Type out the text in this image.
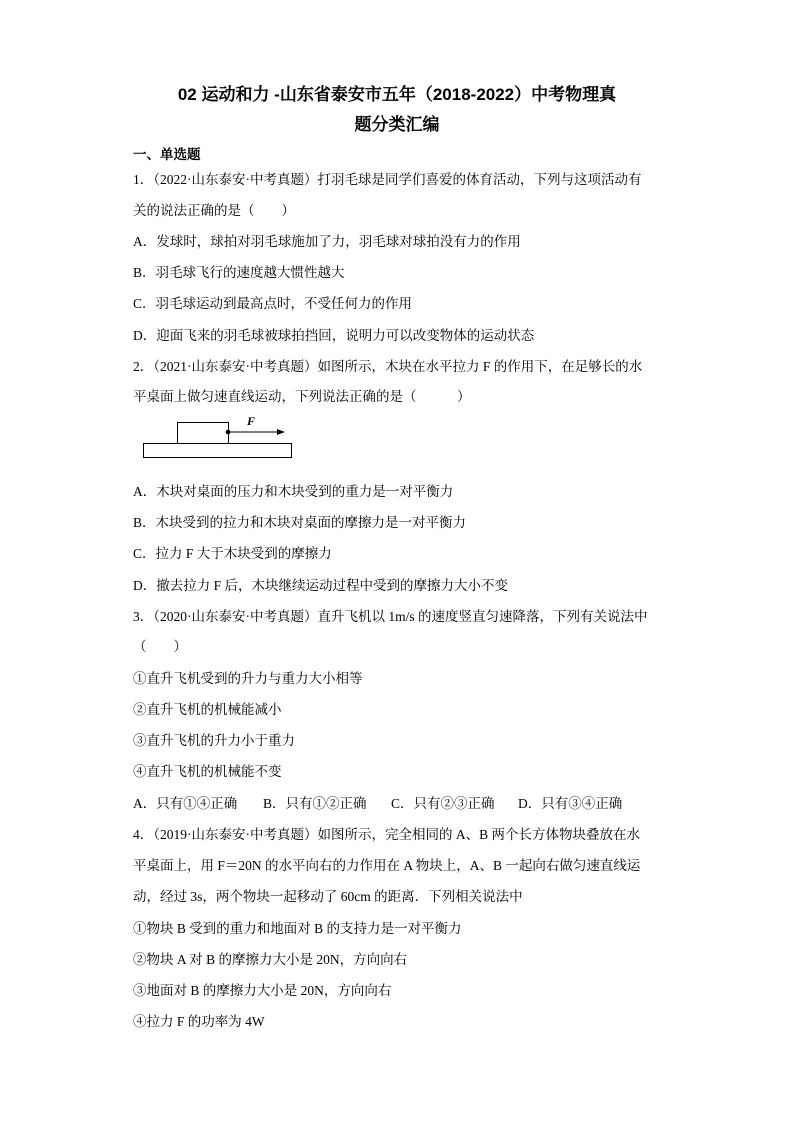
02 运动和力 -山东省泰安市五年（2018-2022）中考物理真
题分类汇编
一、单选题
1．（2022·山东泰安·中考真题）打羽毛球是同学们喜爱的体育活动，下列与这项活动有
关的说法正确的是（　　）
A．发球时，球拍对羽毛球施加了力，羽毛球对球拍没有力的作用
B．羽毛球飞行的速度越大惯性越大
C．羽毛球运动到最高点时，不受任何力的作用
D．迎面飞来的羽毛球被球拍挡回，说明力可以改变物体的运动状态
2．（2021·山东泰安·中考真题）如图所示，木块在水平拉力 F 的作用下，在足够长的水
平桌面上做匀速直线运动，下列说法正确的是（　　　）
F
A．木块对桌面的压力和木块受到的重力是一对平衡力
B．木块受到的拉力和木块对桌面的摩擦力是一对平衡力
C．拉力 F 大于木块受到的摩擦力
D．撤去拉力 F 后，木块继续运动过程中受到的摩擦力大小不变
3．（2020·山东泰安·中考真题）直升飞机以 1m/s 的速度竖直匀速降落，下列有关说法中
（　　）
①直升飞机受到的升力与重力大小相等
②直升飞机的机械能减小
③直升飞机的升力小于重力
④直升飞机的机械能不变
A．只有①④正确 B．只有①②正确 C．只有②③正确 D．只有③④正确
4．（2019·山东泰安·中考真题）如图所示，完全相同的 A、B 两个长方体物块叠放在水
平桌面上，用 F＝20N 的水平向右的力作用在 A 物块上，A、B 一起向右做匀速直线运
动，经过 3s，两个物块一起移动了 60cm 的距离．下列相关说法中
①物块 B 受到的重力和地面对 B 的支持力是一对平衡力
②物块 A 对 B 的摩擦力大小是 20N，方向向右
③地面对 B 的摩擦力大小是 20N，方向向右
④拉力 F 的功率为 4W
